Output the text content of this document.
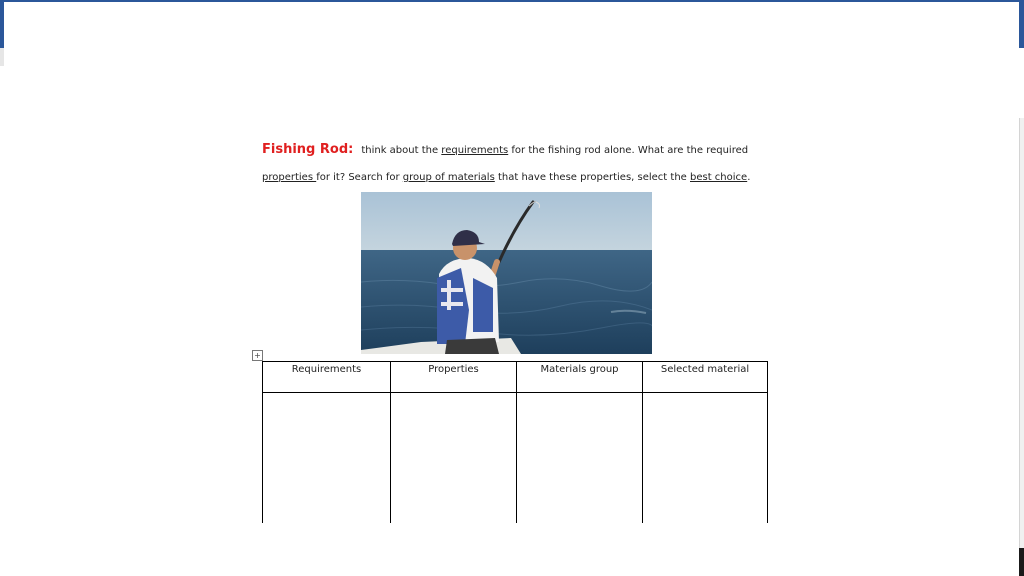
Fishing Rod: think about the requirements for the fishing rod alone. What are the required
properties for it? Search for group of materials that have these properties, select the best choice.
+
Requirements	Properties	Materials group	Selected material
